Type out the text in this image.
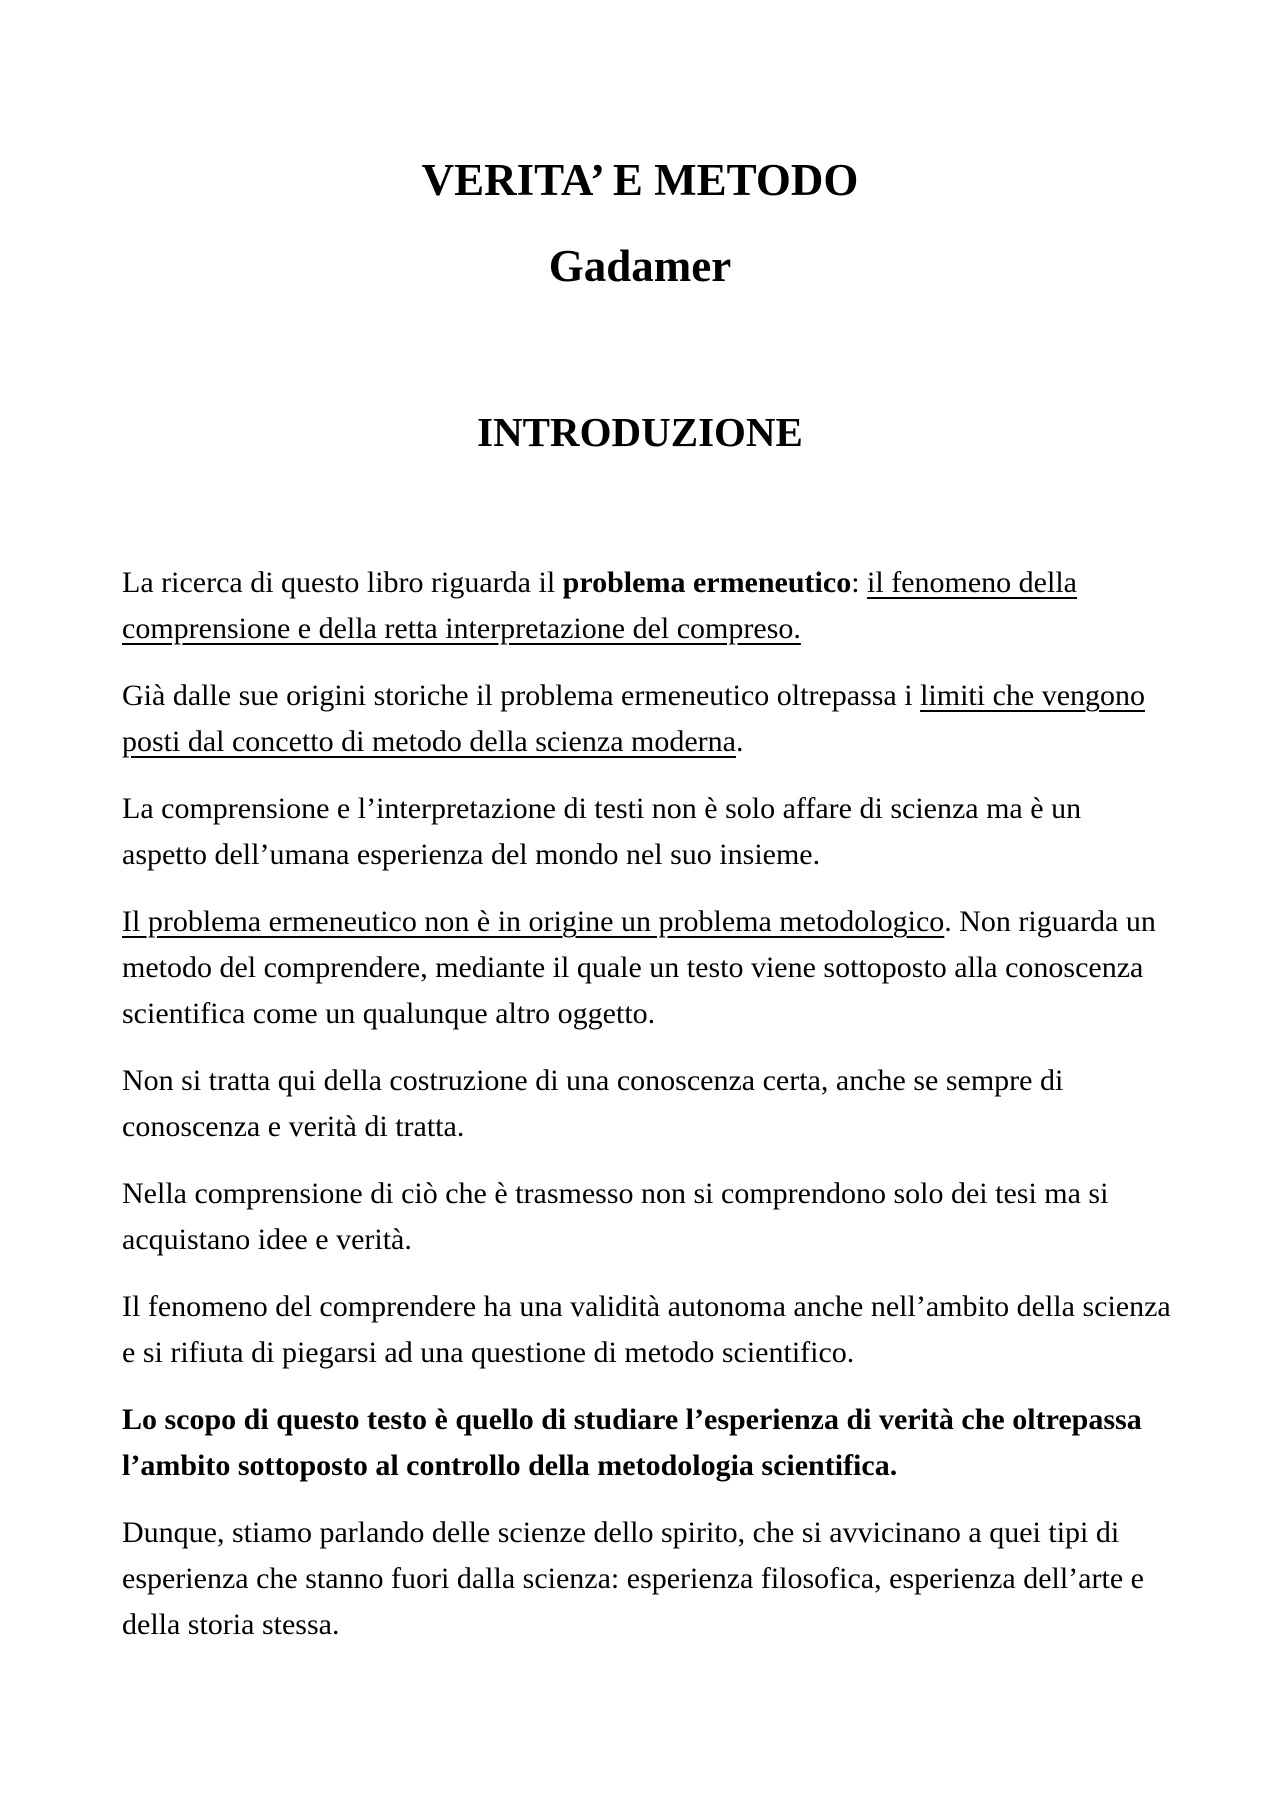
VERITA’ E METODO
Gadamer
INTRODUZIONE

La ricerca di questo libro riguarda il problema ermeneutico: il fenomeno della comprensione e della retta interpretazione del compreso.

Già dalle sue origini storiche il problema ermeneutico oltrepassa i limiti che vengono posti dal concetto di metodo della scienza moderna.

La comprensione e l’interpretazione di testi non è solo affare di scienza ma è un aspetto dell’umana esperienza del mondo nel suo insieme.

Il problema ermeneutico non è in origine un problema metodologico. Non riguarda un metodo del comprendere, mediante il quale un testo viene sottoposto alla conoscenza scientifica come un qualunque altro oggetto.

Non si tratta qui della costruzione di una conoscenza certa, anche se sempre di conoscenza e verità di tratta.

Nella comprensione di ciò che è trasmesso non si comprendono solo dei tesi ma si acquistano idee e verità.

Il fenomeno del comprendere ha una validità autonoma anche nell’ambito della scienza e si rifiuta di piegarsi ad una questione di metodo scientifico.

Lo scopo di questo testo è quello di studiare l’esperienza di verità che oltrepassa l’ambito sottoposto al controllo della metodologia scientifica.

Dunque, stiamo parlando delle scienze dello spirito, che si avvicinano a quei tipi di esperienza che stanno fuori dalla scienza: esperienza filosofica, esperienza dell’arte e della storia stessa.
